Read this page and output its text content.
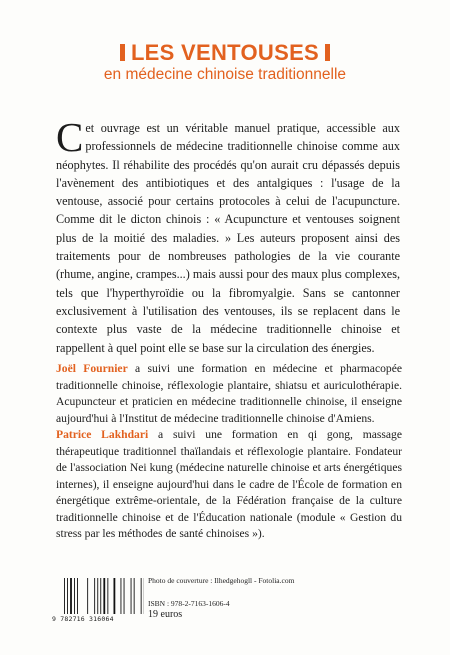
LES VENTOUSES
en médecine chinoise traditionnelle
Cet ouvrage est un véritable manuel pratique, accessible aux professionnels de médecine traditionnelle chinoise comme aux néophytes. Il réhabilite des procédés qu'on aurait cru dépassés depuis l'avènement des antibiotiques et des antalgiques : l'usage de la ventouse, associé pour certains protocoles à celui de l'acupuncture. Comme dit le dicton chinois : « Acupuncture et ventouses soignent plus de la moitié des maladies. » Les auteurs proposent ainsi des traitements pour de nombreuses pathologies de la vie courante (rhume, angine, crampes...) mais aussi pour des maux plus complexes, tels que l'hyperthyroïdie ou la fibromyalgie. Sans se cantonner exclusivement à l'utilisation des ventouses, ils se replacent dans le contexte plus vaste de la médecine traditionnelle chinoise et rappellent à quel point elle se base sur la circulation des énergies.
Joël Fournier a suivi une formation en médecine et pharmacopée traditionnelle chinoise, réflexologie plantaire, shiatsu et auriculothérapie. Acupuncteur et praticien en médecine traditionnelle chinoise, il enseigne aujourd'hui à l'Institut de médecine traditionnelle chinoise d'Amiens.
Patrice Lakhdari a suivi une formation en qi gong, massage thérapeutique traditionnel thaïlandais et réflexologie plantaire. Fondateur de l'association Nei kung (médecine naturelle chinoise et arts énergétiques internes), il enseigne aujourd'hui dans le cadre de l'École de formation en énergétique extrême-orientale, de la Fédération française de la culture traditionnelle chinoise et de l'Éducation nationale (module « Gestion du stress par les méthodes de santé chinoises »).
9 782716 316064
Photo de couverture : Ilhedgehogll - Fotolia.com
ISBN : 978-2-7163-1606-4
19 euros
